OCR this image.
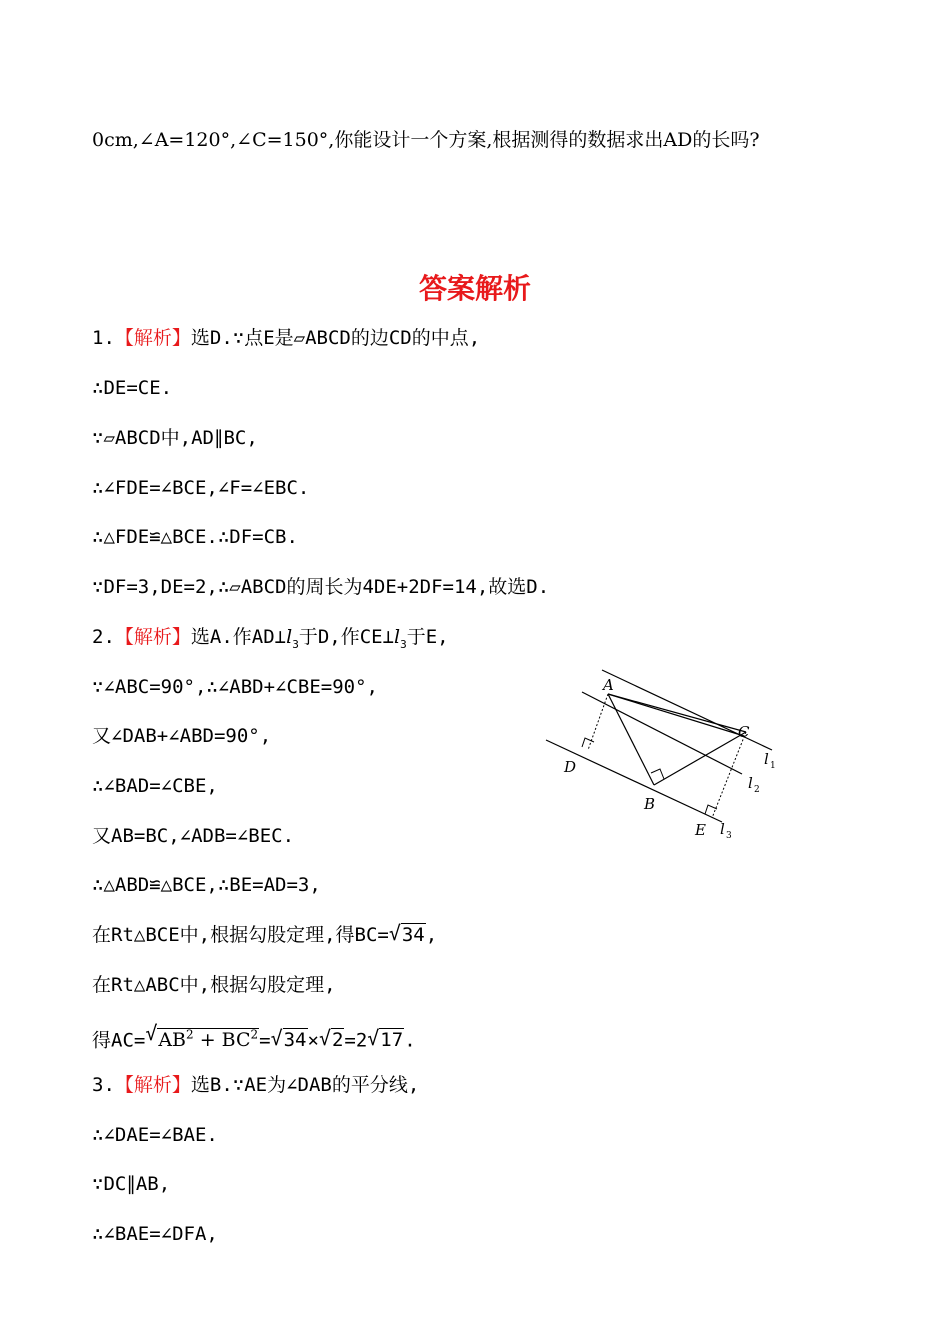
0cm,∠A=120°,∠C=150°,你能设计一个方案,根据测得的数据求出AD的长吗?
答案解析
1.【解析】选D.∵点E是▱ABCD的边CD的中点,
∴DE=CE.
∵▱ABCD中,AD∥BC,
∴∠FDE=∠BCE,∠F=∠EBC.
∴△FDE≌△BCE.∴DF=CB.
∵DF=3,DE=2,∴▱ABCD的周长为4DE+2DF=14,故选D.
2.【解析】选A.作$AD\perp l_3$于D,作$CE\perp l_3$于E,
∵∠ABC=90°,∴∠ABD+∠CBE=90°,
又∠DAB+∠ABD=90°,
∴∠BAD=∠CBE,
又AB=BC,∠ADB=∠BEC.
∴△ABD≌△BCE,∴BE=AD=3,
在Rt△BCE中,根据勾股定理,得BC= √ 34,
在Rt△ABC中,根据勾股定理,
得AC= √ $AB^2 + BC^2=$ √ 34× √ 2=2 √ 17.
3.【解析】选B.∵AE为∠DAB的平分线,
∴∠DAE=∠BAE.
∵DC∥AB,
∴∠BAE=∠DFA,
A
B
C
D
E
l
l
l
1
2
3
